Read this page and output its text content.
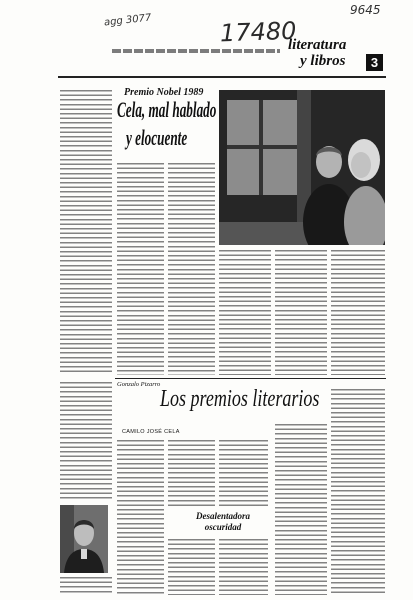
9645
agg 3077	17480
literatura
y libros	3
Premio Nobel 1989
Cela, mal hablado
y elocuente
Gonzalo Pizarro
Los premios literarios
CAMILO JOSÉ CELA
Desalentadora
oscuridad
